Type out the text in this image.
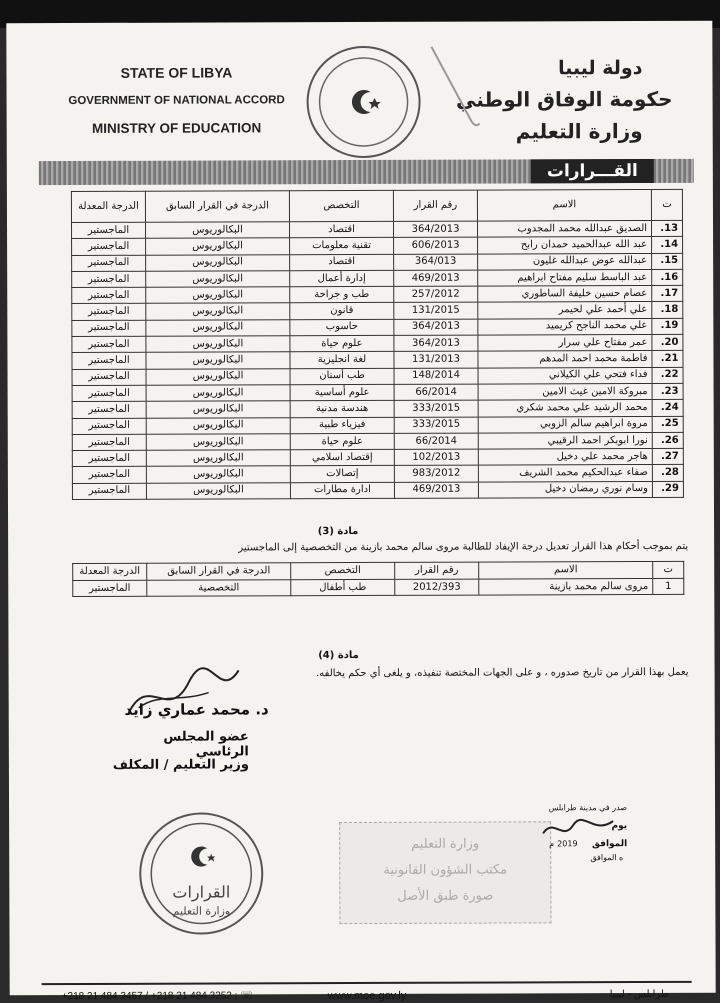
STATE OF LIBYA
GOVERNMENT OF NATIONAL ACCORD
MINISTRY OF EDUCATION
دولة ليبيا
حكومة الوفاق الوطني
وزارة التعليم
القـــرارات
ت	الاسم	رقم القرار	التخصص	الدرجة في القرار السابق	الدرجة المعدلة
13.	الصديق عبدالله محمد المجدوب	364/2013	اقتصاد	البكالوريوس	الماجستير
14.	عبد الله عبدالحميد حمدان رابح	606/2013	تقنية معلومات	البكالوريوس	الماجستير
15.	عبدالله عوض عبدالله غليون	364/013	اقتصاد	البكالوريوس	الماجستير
16.	عبد الباسط سليم مفتاح ابراهيم	469/2013	إدارة أعمال	البكالوريوس	الماجستير
17.	عصام حسين خليفة الساطوري	257/2012	طب و جراحة	البكالوريوس	الماجستير
18.	علي أحمد علي لحيمر	131/2015	قانون	البكالوريوس	الماجستير
19.	علي محمد الناجح كريميد	364/2013	حاسوب	البكالوريوس	الماجستير
20.	عمر مفتاح علي سرار	364/2013	علوم حياة	البكالوريوس	الماجستير
21.	فاطمة محمد احمد المدهم	131/2013	لغة انجليزية	البكالوريوس	الماجستير
22.	فداء فتحي علي الكيلاني	148/2014	طب أسنان	البكالوريوس	الماجستير
23.	مبروكة الامين غيث الامين	66/2014	علوم أساسية	البكالوريوس	الماجستير
24.	محمد الرشيد علي محمد شكري	333/2015	هندسة مدنية	البكالوريوس	الماجستير
25.	مروة ابراهيم سالم الزوبي	333/2015	فيزياء طبية	البكالوريوس	الماجستير
26.	نورا ابوبكر احمد الرقيبي	66/2014	علوم حياة	البكالوريوس	الماجستير
27.	هاجر محمد علي دخيل	102/2013	إقتصاد اسلامي	البكالوريوس	الماجستير
28.	صفاء عبدالحكيم محمد الشريف	983/2012	إتصالات	البكالوريوس	الماجستير
29.	وسام نوري رمضان دخيل	469/2013	ادارة مطارات	البكالوريوس	الماجستير
مادة (3)
يتم بموجب أحكام هذا القرار تعديل درجة الإيفاد للطالبة مروى سالم محمد بازينة من التخصصية إلى الماجستير
ت	الاسم	رقم القرار	التخصص	الدرجة في القرار السابق	الدرجة المعدلة
1	مروى سالم محمد بازينة	2012/393	طب أطفال	التخصصية	الماجستير
مادة (4)
يعمل بهذا القرار من تاريخ صدوره ، و على الجهات المختصة تنفيذه، و يلغى أي حكم يخالفه.
د. محمد عماري زايد
عضو المجلس الرئاسي
وزير التعليم / المكلف
القرارات
وزارة التعليم
وزارة التعليم
مكتب الشؤون القانونية
صورة طبق الأصل
صدر في مدينة طرابلس
يوم
الموافق
ه الموافق
2019
م
+218 21 484 3457 / +218 21 484 3252 : ☏	www.moe.gov.ly	طرابلس - ليبيا
